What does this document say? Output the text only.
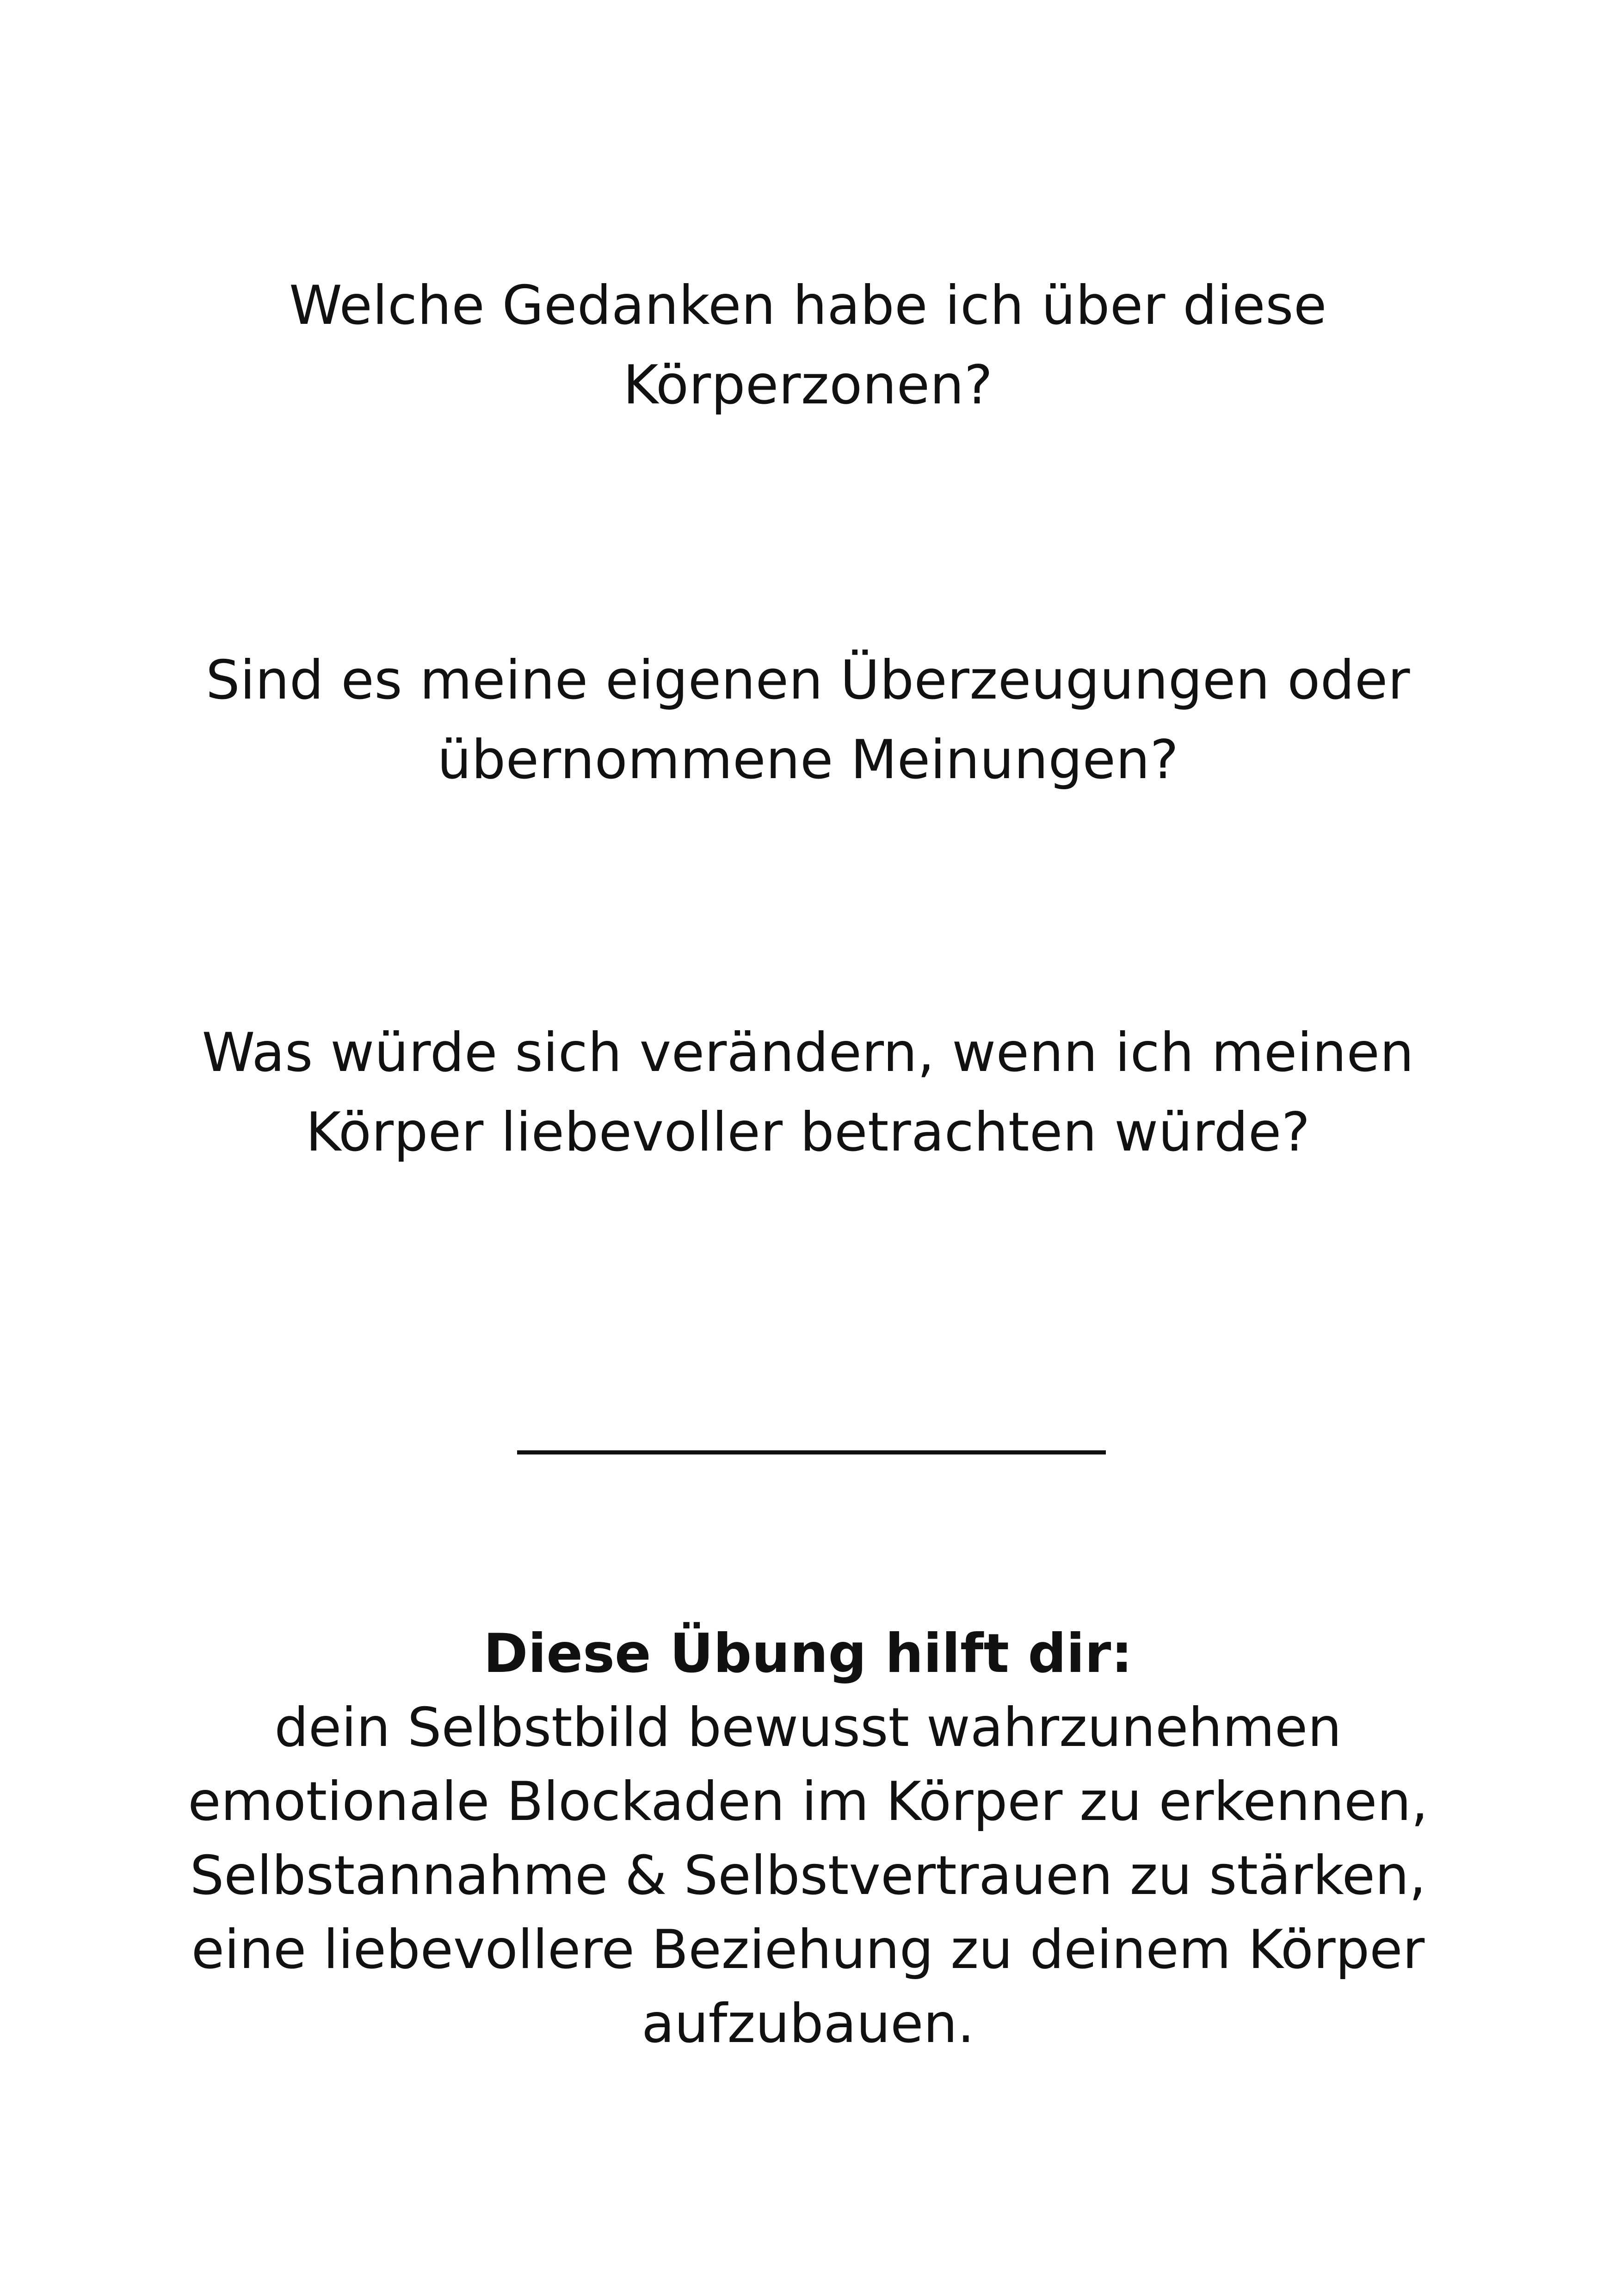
Welche Gedanken habe ich über diese
Körperzonen?
Sind es meine eigenen Überzeugungen oder
übernommene Meinungen?
Was würde sich verändern, wenn ich meinen
Körper liebevoller betrachten würde?
Diese Übung hilft dir:
dein Selbstbild bewusst wahrzunehmen
emotionale Blockaden im Körper zu erkennen,
Selbstannahme & Selbstvertrauen zu stärken,
eine liebevollere Beziehung zu deinem Körper
aufzubauen.
